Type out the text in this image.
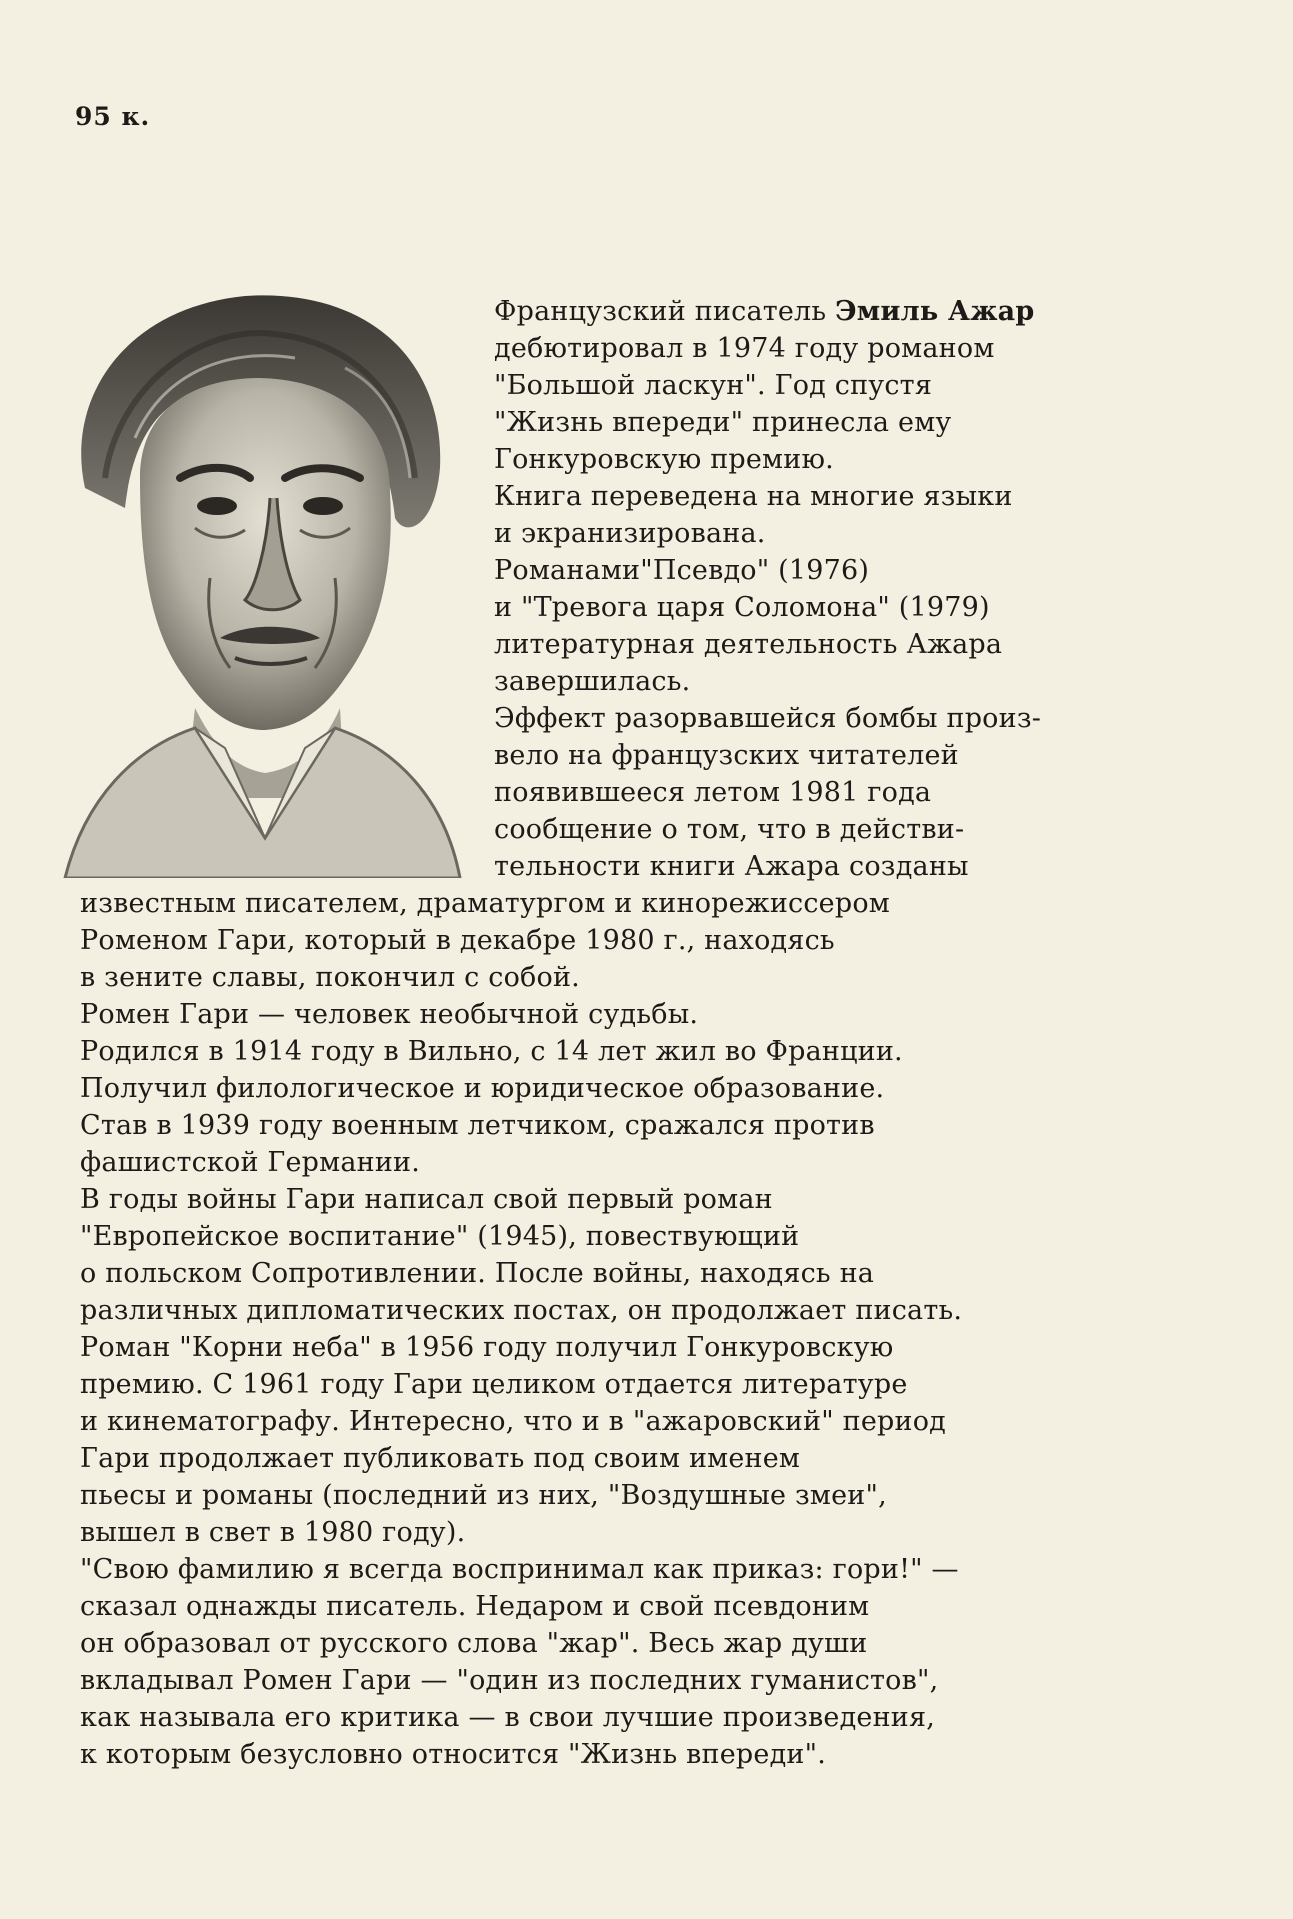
95 к.
Французский писатель Эмиль Ажар
дебютировал в 1974 году романом
"Большой ласкун". Год спустя
"Жизнь впереди" принесла ему
Гонкуровскую премию.
Книга переведена на многие языки
и экранизирована.
Романами"Псевдо" (1976)
и "Тревога царя Соломона" (1979)
литературная деятельность Ажара
завершилась.
Эффект разорвавшейся бомбы произ-
вело на французских читателей
появившееся летом 1981 года
сообщение о том, что в действи-
тельности книги Ажара созданы
известным писателем, драматургом и кинорежиссером
Роменом Гари, который в декабре 1980 г., находясь
в зените славы, покончил с собой.
Ромен Гари — человек необычной судьбы.
Родился в 1914 году в Вильно, с 14 лет жил во Франции.
Получил филологическое и юридическое образование.
Став в 1939 году военным летчиком, сражался против
фашистской Германии.
В годы войны Гари написал свой первый роман
"Европейское воспитание" (1945), повествующий
о польском Сопротивлении. После войны, находясь на
различных дипломатических постах, он продолжает писать.
Роман "Корни неба" в 1956 году получил Гонкуровскую
премию. С 1961 году Гари целиком отдается литературе
и кинематографу. Интересно, что и в "ажаровский" период
Гари продолжает публиковать под своим именем
пьесы и романы (последний из них, "Воздушные змеи",
вышел в свет в 1980 году).
"Свою фамилию я всегда воспринимал как приказ: гори!" —
сказал однажды писатель. Недаром и свой псевдоним
он образовал от русского слова "жар". Весь жар души
вкладывал Ромен Гари — "один из последних гуманистов",
как называла его критика — в свои лучшие произведения,
к которым безусловно относится "Жизнь впереди".
